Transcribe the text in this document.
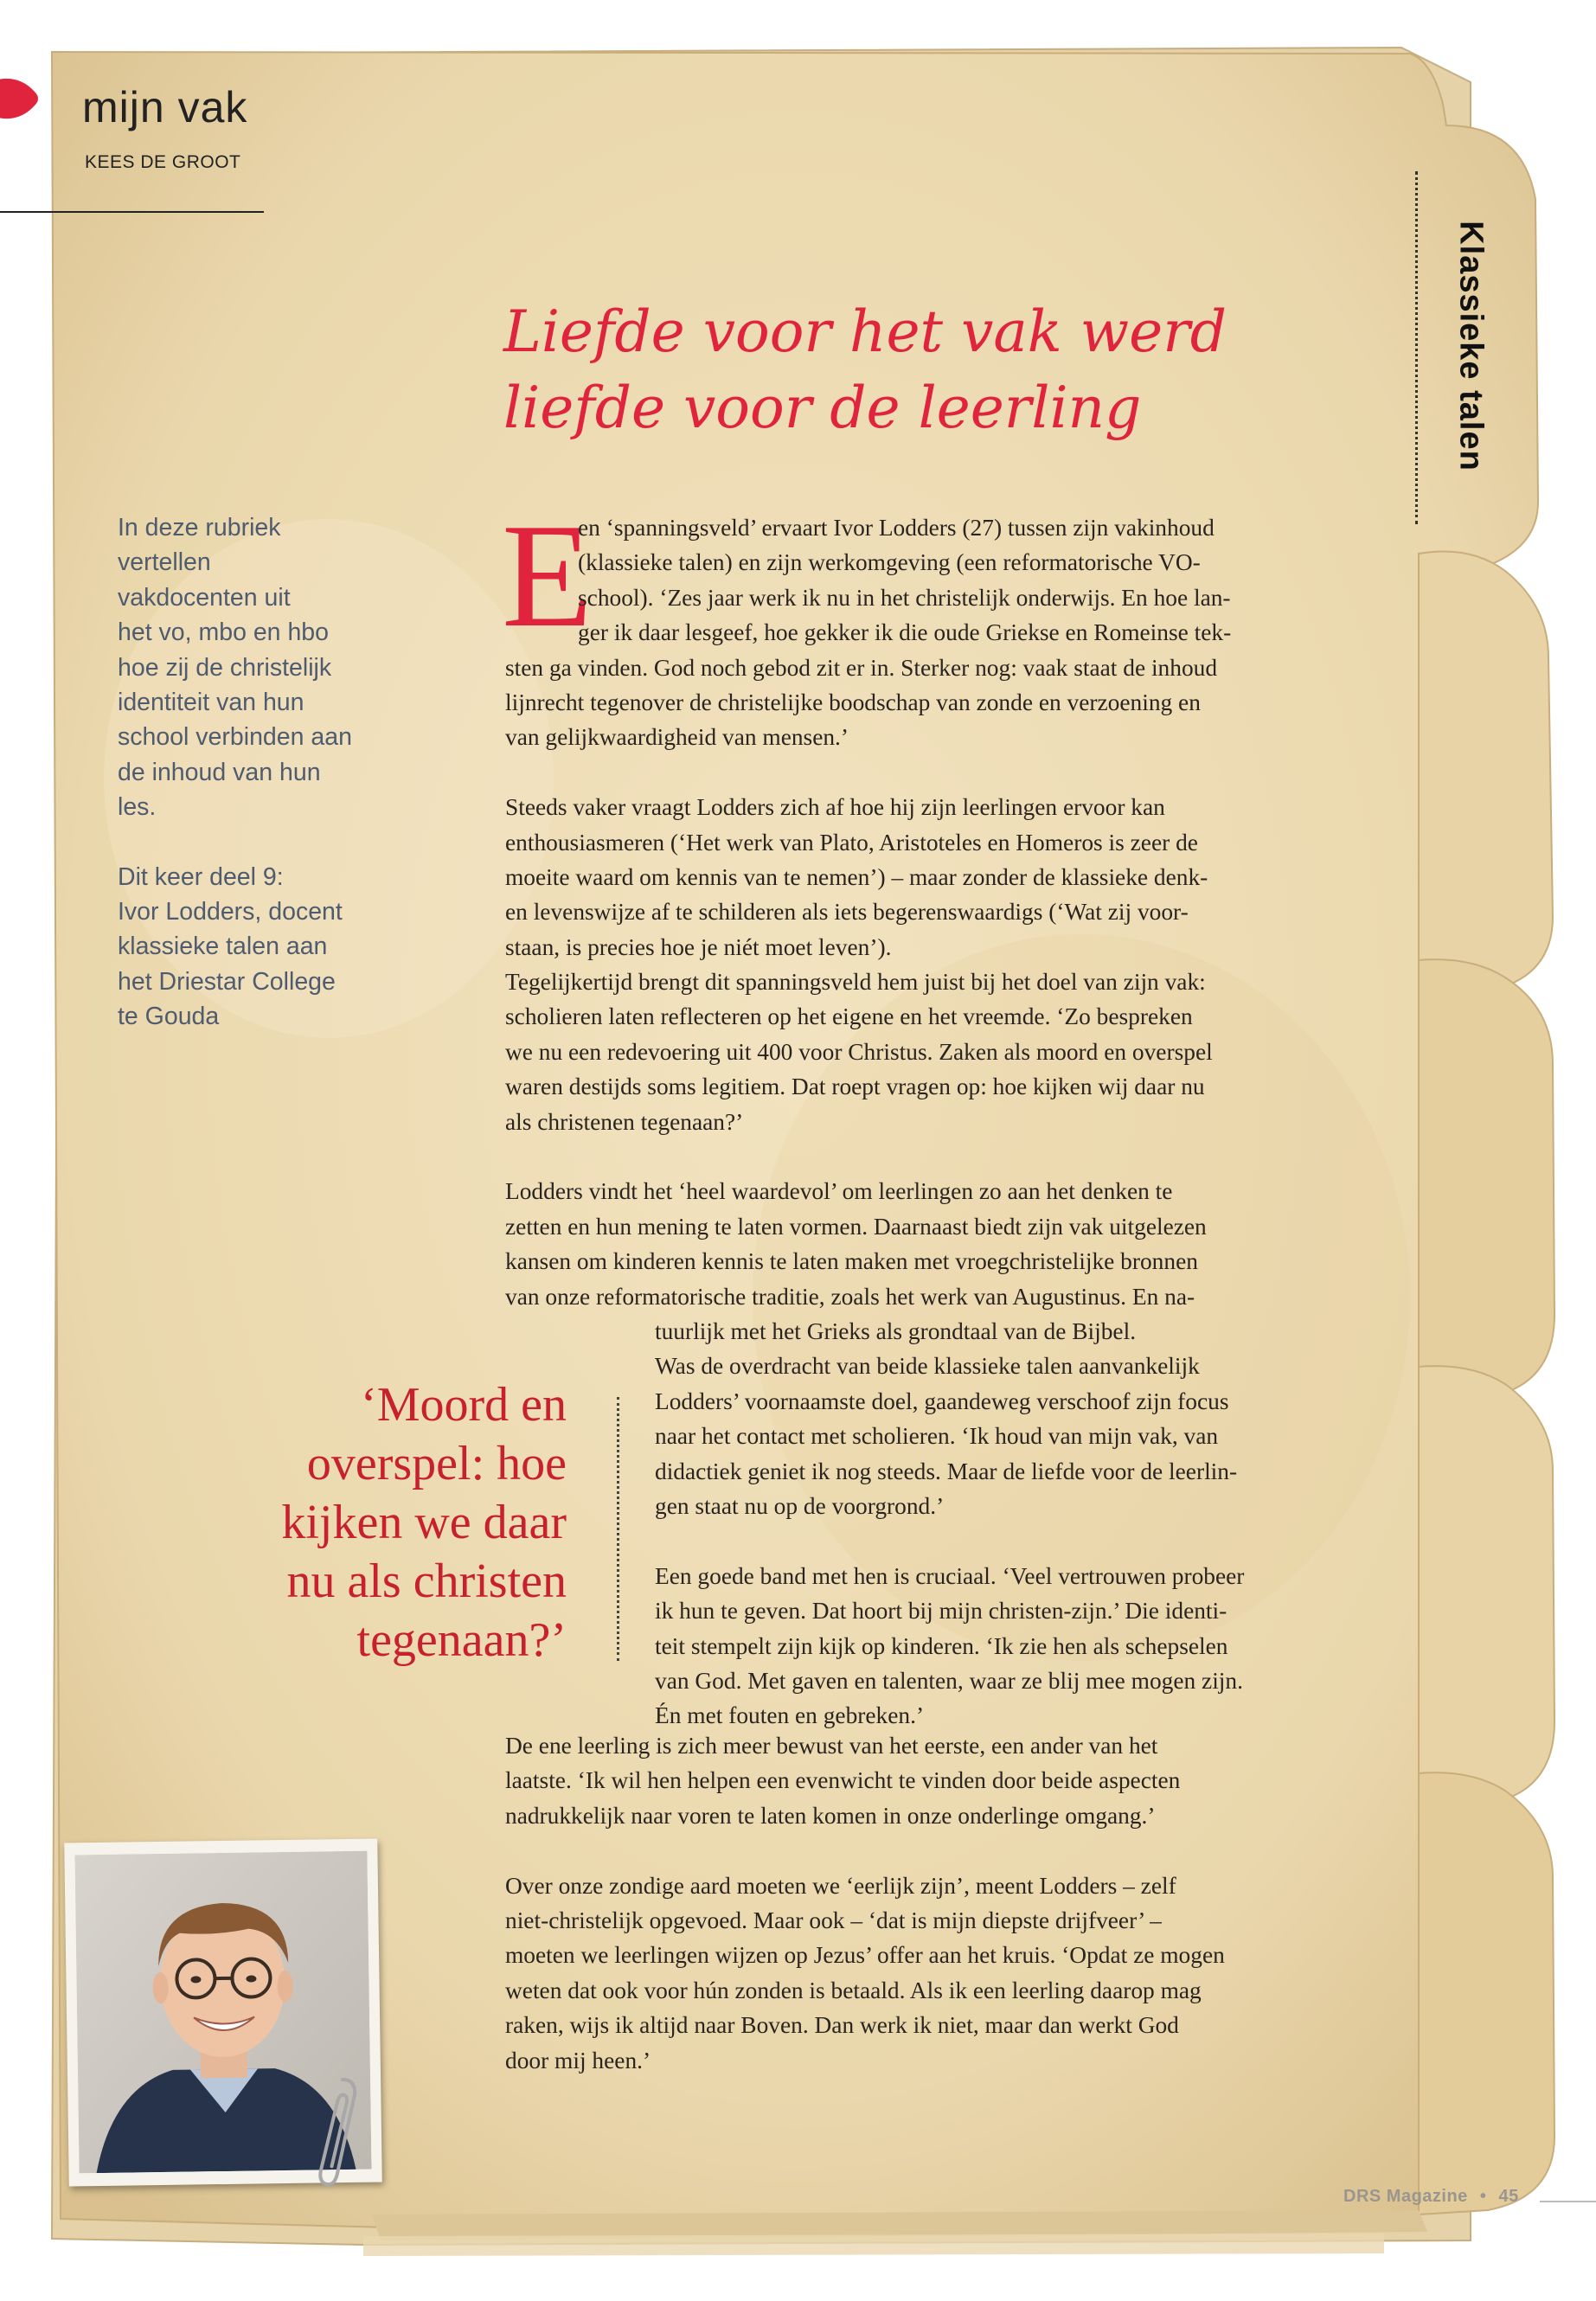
mijn vak
KEES DE GROOT
Klassieke talen
Liefde voor het vak werd
liefde voor de leerling

In deze rubriek
vertellen
vakdocenten uit
het vo, mbo en hbo
hoe zij de christelijk
identiteit van hun
school verbinden aan
de inhoud van hun
les.

Dit keer deel 9:
Ivor Lodders, docent
klassieke talen aan
het Driestar College
te Gouda

E
en ‘spanningsveld’ ervaart Ivor Lodders (27) tussen zijn vakinhoud
(klassieke talen) en zijn werkomgeving (een reformatorische VO-
school). ‘Zes jaar werk ik nu in het christelijk onderwijs. En hoe lan-
ger ik daar lesgeef, hoe gekker ik die oude Griekse en Romeinse tek-
sten ga vinden. God noch gebod zit er in. Sterker nog: vaak staat de inhoud
lijnrecht tegenover de christelijke boodschap van zonde en verzoening en
van gelijkwaardigheid van mensen.’
Steeds vaker vraagt Lodders zich af hoe hij zijn leerlingen ervoor kan
enthousiasmeren (‘Het werk van Plato, Aristoteles en Homeros is zeer de
moeite waard om kennis van te nemen’) – maar zonder de klassieke denk-
en levenswijze af te schilderen als iets begerenswaardigs (‘Wat zij voor-
staan, is precies hoe je niét moet leven’).
Tegelijkertijd brengt dit spanningsveld hem juist bij het doel van zijn vak:
scholieren laten reflecteren op het eigene en het vreemde. ‘Zo bespreken
we nu een redevoering uit 400 voor Christus. Zaken als moord en overspel
waren destijds soms legitiem. Dat roept vragen op: hoe kijken wij daar nu
als christenen tegenaan?’
Lodders vindt het ‘heel waardevol’ om leerlingen zo aan het denken te
zetten en hun mening te laten vormen. Daarnaast biedt zijn vak uitgelezen
kansen om kinderen kennis te laten maken met vroegchristelijke bronnen
van onze reformatorische traditie, zoals het werk van Augustinus. En na-
tuurlijk met het Grieks als grondtaal van de Bijbel.
Was de overdracht van beide klassieke talen aanvankelijk
Lodders’ voornaamste doel, gaandeweg verschoof zijn focus
naar het contact met scholieren. ‘Ik houd van mijn vak, van
didactiek geniet ik nog steeds. Maar de liefde voor de leerlin-
gen staat nu op de voorgrond.’
Een goede band met hen is cruciaal. ‘Veel vertrouwen probeer
ik hun te geven. Dat hoort bij mijn christen-zijn.’ Die identi-
teit stempelt zijn kijk op kinderen. ‘Ik zie hen als schepselen
van God. Met gaven en talenten, waar ze blij mee mogen zijn.
Én met fouten en gebreken.’
De ene leerling is zich meer bewust van het eerste, een ander van het
laatste. ‘Ik wil hen helpen een evenwicht te vinden door beide aspecten
nadrukkelijk naar voren te laten komen in onze onderlinge omgang.’
Over onze zondige aard moeten we ‘eerlijk zijn’, meent Lodders – zelf
niet-christelijk opgevoed. Maar ook – ‘dat is mijn diepste drijfveer’ –
moeten we leerlingen wijzen op Jezus’ offer aan het kruis. ‘Opdat ze mogen
weten dat ook voor hún zonden is betaald. Als ik een leerling daarop mag
raken, wijs ik altijd naar Boven. Dan werk ik niet, maar dan werkt God
door mij heen.’
‘Moord en
overspel: hoe
kijken we daar
nu als christen
tegenaan?’
DRS Magazine • 45
